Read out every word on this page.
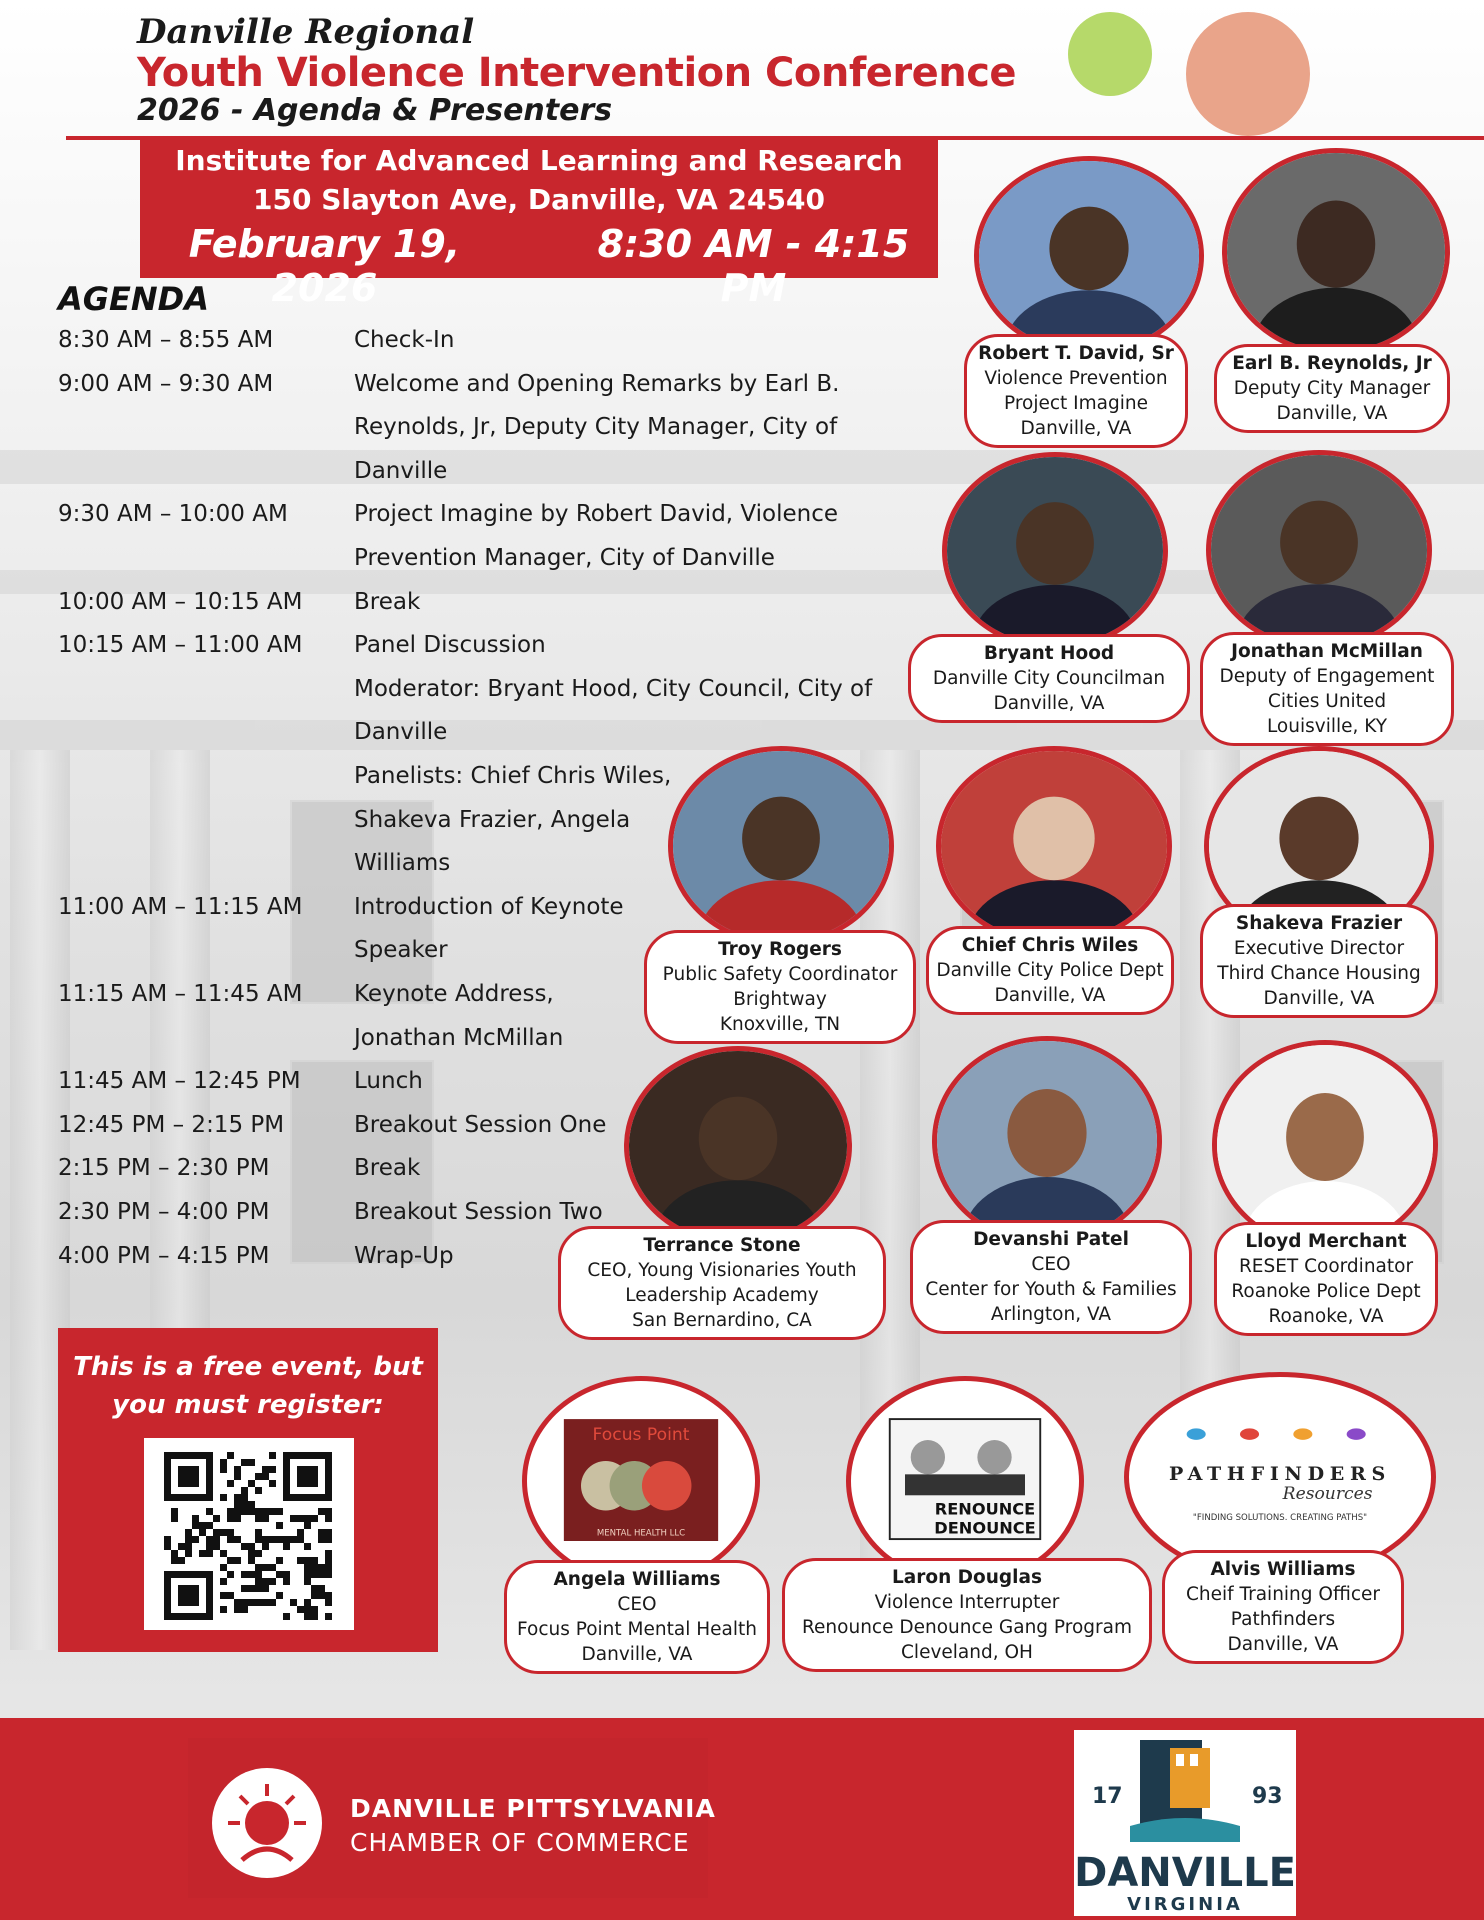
Danville Regional
Youth Violence Intervention Conference
2026 - Agenda & Presenters
Institute for Advanced Learning and Research
150 Slayton Ave, Danville, VA 24540
February 19, 2026
8:30 AM - 4:15 PM
AGENDA
8:30 AM – 8:55 AM	Check-In
9:00 AM – 9:30 AM	Welcome and Opening Remarks by Earl B.
Reynolds, Jr, Deputy City Manager, City of
Danville
9:30 AM – 10:00 AM	Project Imagine by Robert David, Violence
Prevention Manager, City of Danville
10:00 AM – 10:15 AM Break
10:15 AM – 11:00 AM Panel Discussion
Moderator: Bryant Hood, City Council, City of
Danville
Panelists: Chief Chris Wiles,
Shakeva Frazier, Angela
Williams
11:00 AM – 11:15 AM Introduction of Keynote
Speaker
11:15 AM – 11:45 AM Keynote Address,
Jonathan McMillan
11:45 AM – 12:45 PM Lunch
12:45 PM – 2:15 PM	Breakout Session One
2:15 PM – 2:30 PM	Break
2:30 PM – 4:00 PM	Breakout Session Two
4:00 PM – 4:15 PM	Wrap-Up
Robert T. David, Sr
Violence Prevention
Project Imagine
Danville, VA
Earl B. Reynolds, Jr
Deputy City Manager
Danville, VA
Bryant Hood
Danville City Councilman
Danville, VA
Jonathan McMillan
Deputy of Engagement
Cities United
Louisville, KY
Troy Rogers
Public Safety Coordinator
Brightway
Knoxville, TN
Chief Chris Wiles
Danville City Police Dept
Danville, VA
Shakeva Frazier
Executive Director
Third Chance Housing
Danville, VA
Terrance Stone
CEO, Young Visionaries Youth
Leadership Academy
San Bernardino, CA
Devanshi Patel
CEO
Center for Youth & Families
Arlington, VA
Lloyd Merchant
RESET Coordinator
Roanoke Police Dept
Roanoke, VA
Focus Point
MENTAL HEALTH LLC
Angela Williams
CEO
Focus Point Mental Health
Danville, VA
RENOUNCE
DENOUNCE
Laron Douglas
Violence Interrupter
Renounce Denounce Gang Program
Cleveland, OH
PATHFINDERS
Resources
"FINDING SOLUTIONS. CREATING PATHS"
Alvis Williams
Cheif Training Officer
Pathfinders
Danville, VA
This is a free event, but
you must register:
DANVILLE PITTSYLVANIA
CHAMBER OF COMMERCE
17	93
DANVILLE
VIRGINIA
